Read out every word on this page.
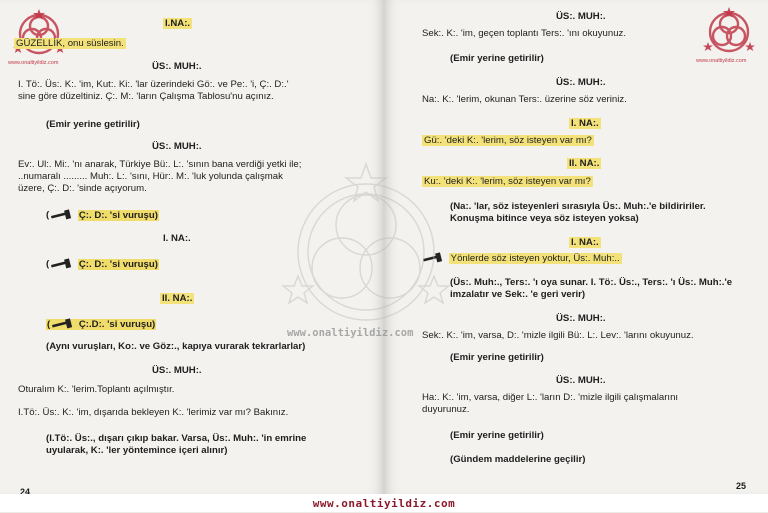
www.onaltiyildiz.com
I.NA:.
GÜZELLİK, onu süslesin.
ÜS:. MUH:.
I. Tö:. Üs:. K:. 'im, Kut:. Ki:. 'lar üzerindeki Gö:. ve Pe:. 'i, Ç:. D:.'
sine göre düzeltiniz. Ç:. M:. 'ların Çalışma Tablosu'nu açınız.
(Emir yerine getirilir)
ÜS:. MUH:.
Ev:. Ul:. Mi:. 'nı anarak, Türkiye Bü:. L:. 'sının bana verdiği yetki ile;
..numaralı ......... Muh:. L:. 'sını, Hür:. M:. 'luk yolunda çalışmak
üzere, Ç:. D:. 'sinde açıyorum.
(	Ç:. D:. 'si vuruşu)
I. NA:.
(	Ç:. D:. 'si vuruşu)
II. NA:.
(	Ç:.D:. 'si vuruşu)
(Aynı vuruşları, Ko:. ve Göz:., kapıya vurarak tekrarlarlar)
ÜS:. MUH:.
Oturalım K:. 'lerim.Toplantı açılmıştır.
I.Tö:. Üs:. K:. 'im, dışarıda bekleyen K:. 'lerimiz var mı? Bakınız.
(I.Tö:. Üs:., dışarı çıkıp bakar. Varsa, Üs:. Muh:. 'in emrine
uyularak, K:. 'ler yöntemince içeri alınır)
24
www.onaltiyildiz.com
ÜS:. MUH:.
Sek:. K:. 'im, geçen toplantı Ters:. 'ını okuyunuz.
(Emir yerine getirilir)
ÜS:. MUH:.
Na:. K:. 'lerim, okunan Ters:. üzerine söz veriniz.
I. NA:.
Gü:. 'deki K:. 'lerim, söz isteyen var mı?
II. NA:.
Ku:. 'deki K:. 'lerim, söz isteyen var mı?
(Na:. 'lar, söz isteyenleri sırasıyla Üs:. Muh:.'e bildiririler.
Konuşma bitince veya söz isteyen yoksa)
I. NA:.
Yönlerde söz isteyen yoktur, Üs:. Muh:..
(Üs:. Muh:., Ters:. 'ı oya sunar. I. Tö:. Üs:., Ters:. 'ı Üs:. Muh:.'e
imzalatır ve Sek:. 'e geri verir)
ÜS:. MUH:.
Sek:. K:. 'im, varsa, D:. 'mizle ilgili Bü:. L:. Lev:. 'larını okuyunuz.
(Emir yerine getirilir)
ÜS:. MUH:.
Ha:. K:. 'im, varsa, diğer L:. 'ların D:. 'mizle ilgili çalışmalarını
duyurunuz.
(Emir yerine getirilir)
(Gündem maddelerine geçilir)
25
www.onaltiyildiz.com
www.onaltiyildiz.com
